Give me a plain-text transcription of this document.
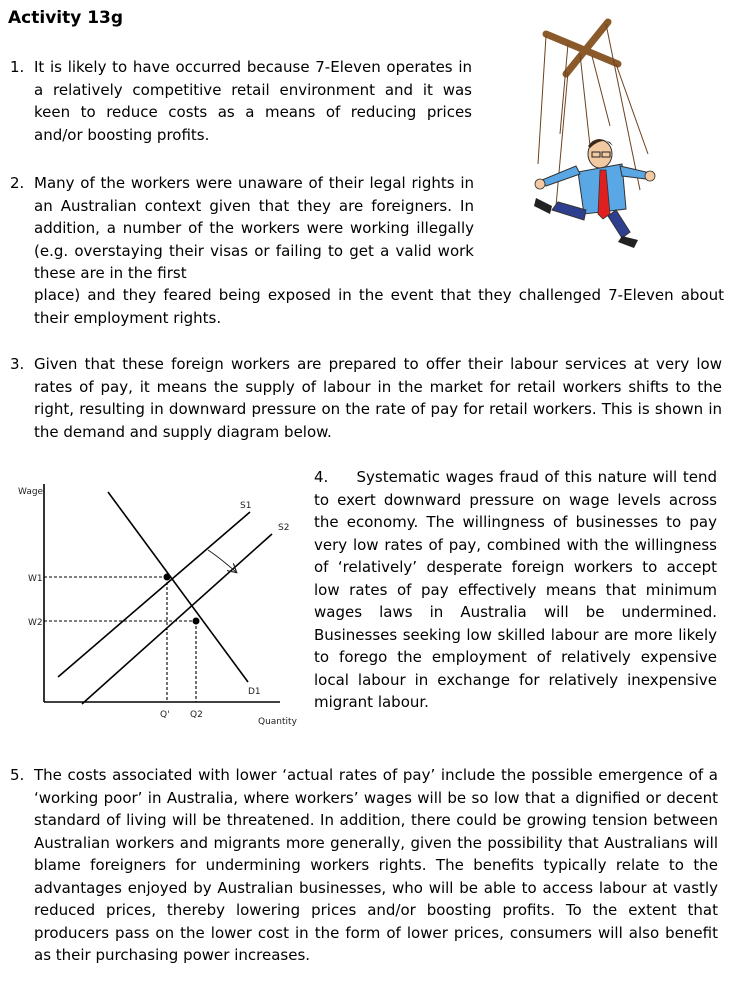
Activity 13g
1. It is likely to have occurred because 7-Eleven operates in a relatively competitive retail environment and it was keen to reduce costs as a means of reducing prices and/or boosting profits.
2. Many of the workers were unaware of their legal rights in an Australian context given that they are foreigners. In addition, a number of the workers were working illegally (e.g. overstaying their visas or failing to get a valid work these are in the first
place) and they feared being exposed in the event that they challenged 7-Eleven about their employment rights.
3. Given that these foreign workers are prepared to offer their labour services at very low rates of pay, it means the supply of labour in the market for retail workers shifts to the right, resulting in downward pressure on the rate of pay for retail workers. This is shown in the demand and supply diagram below.
4. Systematic wages fraud of this nature will tend to exert downward pressure on wage levels across the economy. The willingness of businesses to pay very low rates of pay, combined with the willingness of ‘relatively’ desperate foreign workers to accept low rates of pay effectively means that minimum wages laws in Australia will be undermined. Businesses seeking low skilled labour are more likely to forego the employment of relatively expensive local labour in exchange for relatively inexpensive migrant labour.
5. The costs associated with lower ‘actual rates of pay’ include the possible emergence of a ‘working poor’ in Australia, where workers’ wages will be so low that a dignified or decent standard of living will be threatened. In addition, there could be growing tension between Australian workers and migrants more generally, given the possibility that Australians will blame foreigners for undermining workers rights. The benefits typically relate to the advantages enjoyed by Australian businesses, who will be able to access labour at vastly reduced prices, thereby lowering prices and/or boosting profits. To the extent that producers pass on the lower cost in the form of lower prices, consumers will also benefit as their purchasing power increases.
Wage
Quantity
S1
S2
D1
W1
W2
Q' Q2
